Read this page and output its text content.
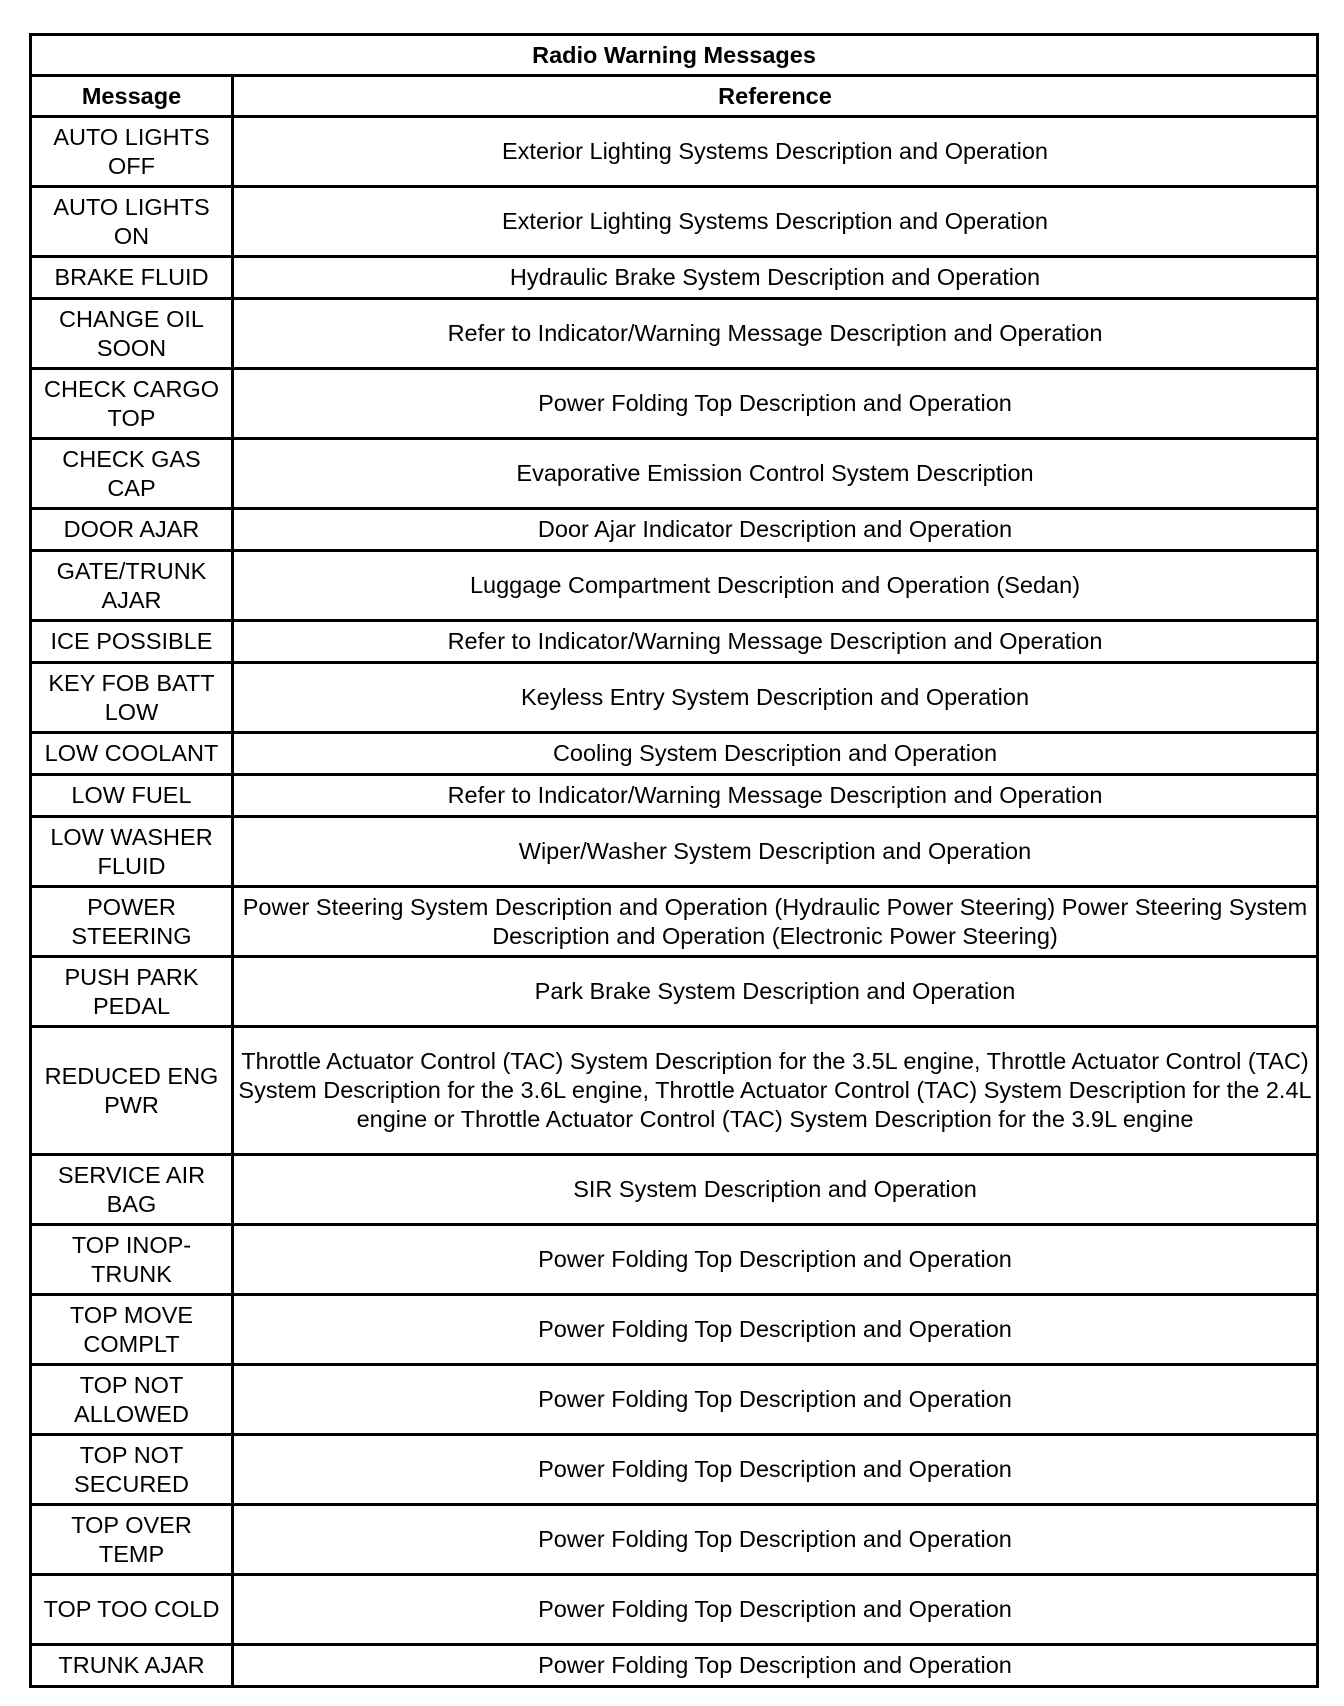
Radio Warning Messages	
Message	Reference
AUTO LIGHTS OFF	Exterior Lighting Systems Description and Operation
AUTO LIGHTS ON	Exterior Lighting Systems Description and Operation
BRAKE FLUID	Hydraulic Brake System Description and Operation
CHANGE OIL SOON	Refer to Indicator/Warning Message Description and Operation
CHECK CARGO TOP	Power Folding Top Description and Operation
CHECK GAS CAP	Evaporative Emission Control System Description
DOOR AJAR	Door Ajar Indicator Description and Operation
GATE/TRUNK AJAR	Luggage Compartment Description and Operation (Sedan)
ICE POSSIBLE	Refer to Indicator/Warning Message Description and Operation
KEY FOB BATT LOW	Keyless Entry System Description and Operation
LOW COOLANT	Cooling System Description and Operation
LOW FUEL	Refer to Indicator/Warning Message Description and Operation
LOW WASHER FLUID	Wiper/Washer System Description and Operation
POWER STEERING	Power Steering System Description and Operation (Hydraulic Power Steering) Power Steering System Description and Operation (Electronic Power Steering)
PUSH PARK PEDAL	Park Brake System Description and Operation
REDUCED ENG PWR	Throttle Actuator Control (TAC) System Description for the 3.5L engine, Throttle Actuator Control (TAC) System Description for the 3.6L engine, Throttle Actuator Control (TAC) System Description for the 2.4L engine or Throttle Actuator Control (TAC) System Description for the 3.9L engine
SERVICE AIR BAG	SIR System Description and Operation
TOP INOP-TRUNK	Power Folding Top Description and Operation
TOP MOVE COMPLT	Power Folding Top Description and Operation
TOP NOT ALLOWED	Power Folding Top Description and Operation
TOP NOT SECURED	Power Folding Top Description and Operation
TOP OVER TEMP	Power Folding Top Description and Operation
TOP TOO COLD	Power Folding Top Description and Operation
TRUNK AJAR	Power Folding Top Description and Operation
